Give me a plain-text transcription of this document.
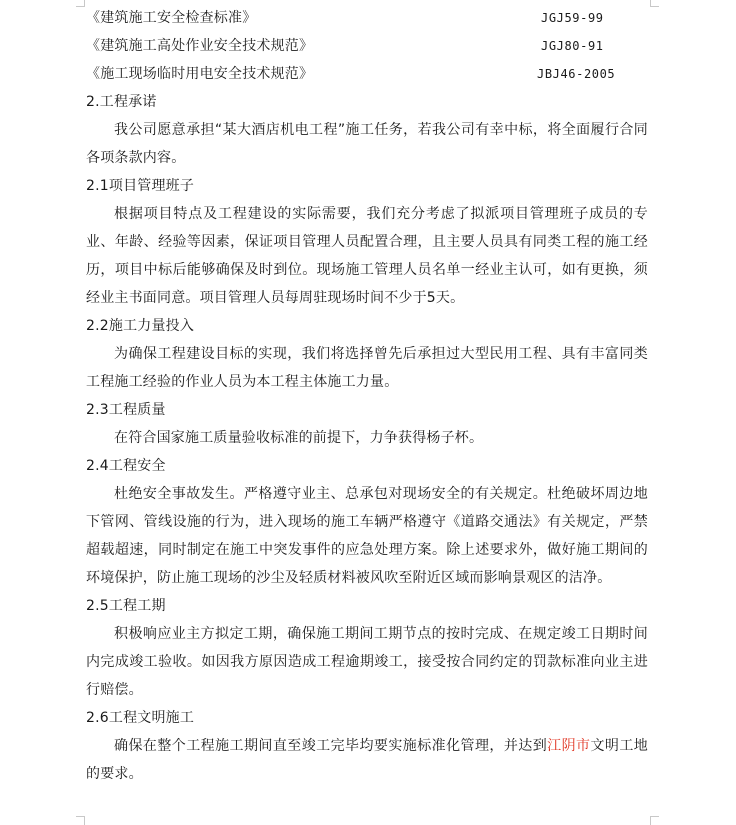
《建筑施工安全检查标准》	JGJ59-99
《建筑施工高处作业安全技术规范》	JGJ80-91
《施工现场临时用电安全技术规范》	JBJ46-2005
2.工程承诺
我公司愿意承担“某大酒店机电工程”施工任务，若我公司有幸中标，将全面履行合同各项条款内容。
2.1项目管理班子
根据项目特点及工程建设的实际需要，我们充分考虑了拟派项目管理班子成员的专业、年龄、经验等因素，保证项目管理人员配置合理，且主要人员具有同类工程的施工经历，项目中标后能够确保及时到位。现场施工管理人员名单一经业主认可，如有更换，须经业主书面同意。项目管理人员每周驻现场时间不少于5天。
2.2施工力量投入
为确保工程建设目标的实现，我们将选择曾先后承担过大型民用工程、具有丰富同类工程施工经验的作业人员为本工程主体施工力量。
2.3工程质量
在符合国家施工质量验收标准的前提下，力争获得杨子杯。
2.4工程安全
杜绝安全事故发生。严格遵守业主、总承包对现场安全的有关规定。杜绝破坏周边地下管网、管线设施的行为，进入现场的施工车辆严格遵守《道路交通法》有关规定，严禁超载超速，同时制定在施工中突发事件的应急处理方案。除上述要求外，做好施工期间的环境保护，防止施工现场的沙尘及轻质材料被风吹至附近区域而影响景观区的洁净。
2.5工程工期
积极响应业主方拟定工期，确保施工期间工期节点的按时完成、在规定竣工日期时间内完成竣工验收。如因我方原因造成工程逾期竣工，接受按合同约定的罚款标准向业主进行赔偿。
2.6工程文明施工
确保在整个工程施工期间直至竣工完毕均要实施标准化管理，并达到江阴市文明工地的要求。
